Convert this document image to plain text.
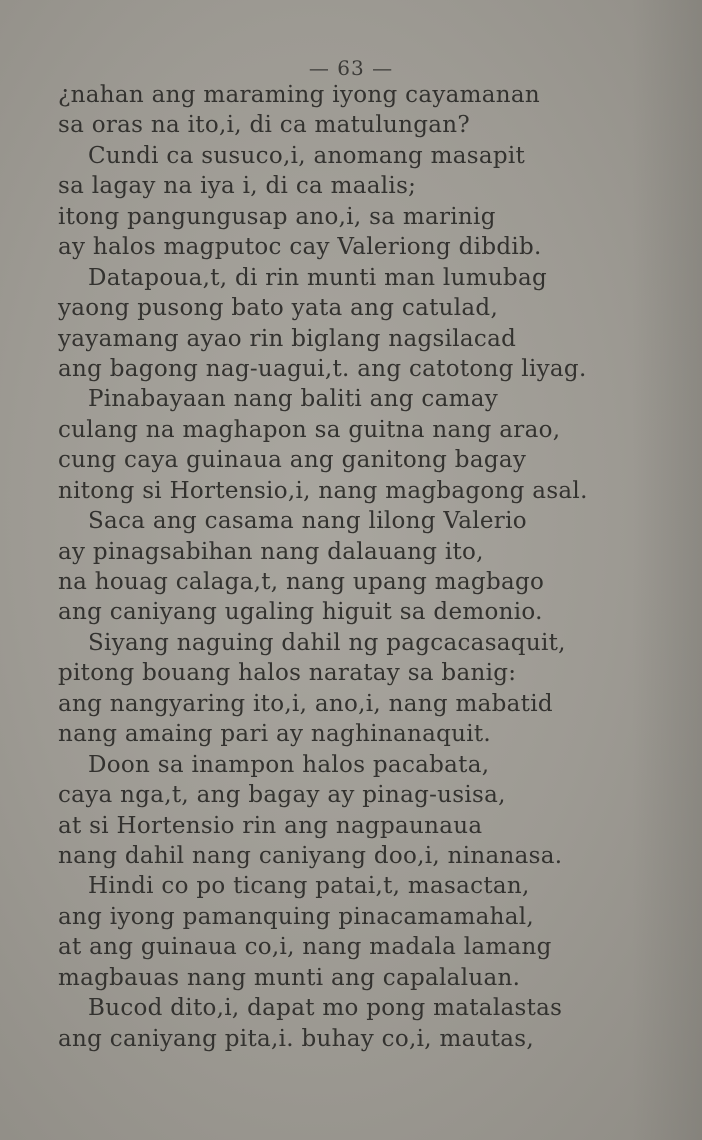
— 63 —
¿nahan ang maraming iyong cayamanan
sa oras na ito,i, di ca matulungan?
Cundi ca susuco,i, anomang masapit
sa lagay na iya i, di ca maalis;
itong pangungusap ano,i, sa marinig
ay halos magputoc cay Valeriong dibdib.
Datapoua,t, di rin munti man lumubag
yaong pusong bato yata ang catulad,
yayamang ayao rin biglang nagsilacad
ang bagong nag-uagui,t. ang catotong liyag.
Pinabayaan nang baliti ang camay
culang na maghapon sa guitna nang arao,
cung caya guinaua ang ganitong bagay
nitong si Hortensio,i, nang magbagong asal.
Saca ang casama nang lilong Valerio
ay pinagsabihan nang dalauang ito,
na houag calaga,t, nang upang magbago
ang caniyang ugaling higuit sa demonio.
Siyang naguing dahil ng pagcacasaquit,
pitong bouang halos naratay sa banig:
ang nangyaring ito,i, ano,i, nang mabatid
nang amaing pari ay naghinanaquit.
Doon sa inampon halos pacabata,
caya nga,t, ang bagay ay pinag-usisa,
at si Hortensio rin ang nagpaunaua
nang dahil nang caniyang doo,i, ninanasa.
Hindi co po ticang patai,t, masactan,
ang iyong pamanquing pinacamamahal,
at ang guinaua co,i, nang madala lamang
magbauas nang munti ang capalaluan.
Bucod dito,i, dapat mo pong matalastas
ang caniyang pita,i. buhay co,i, mautas,
